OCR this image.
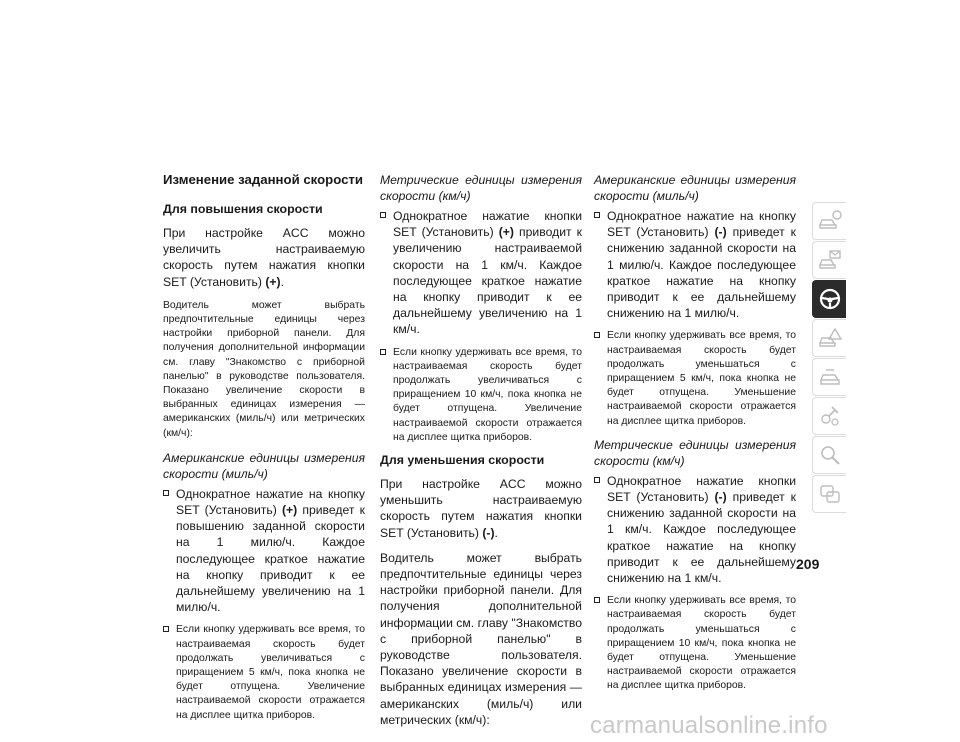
Изменение заданной скорости
Для повышения скорости
При настройке ACC можно увеличить настраиваемую скорость путем нажатия кнопки SET (Установить) (+).
Водитель может выбрать предпочтительные единицы через настройки приборной панели. Для получения дополнительной информации см. главу "Знакомство с приборной панелью" в руководстве пользователя. Показано увеличение скорости в выбранных единицах измерения — американских (миль/ч) или метрических (км/ч):
Американские единицы измерения скорости (миль/ч)
Однократное нажатие на кнопку SET (Установить) (+) приведет к повышению заданной скорости на 1 милю/ч. Каждое последующее краткое нажатие на кнопку приводит к ее дальнейшему увеличению на 1 милю/ч.
Если кнопку удерживать все время, то настраиваемая скорость будет продолжать увеличиваться с приращением 5 км/ч, пока кнопка не будет отпущена. Увеличение настраиваемой скорости отражается на дисплее щитка приборов.
Метрические единицы измерения скорости (км/ч)
Однократное нажатие кнопки SET (Установить) (+) приводит к увеличению настраиваемой скорости на 1 км/ч. Каждое последующее краткое нажатие на кнопку приводит к ее дальнейшему увеличению на 1 км/ч.
Если кнопку удерживать все время, то настраиваемая скорость будет продолжать увеличиваться с приращением 10 км/ч, пока кнопка не будет отпущена. Увеличение настраиваемой скорости отражается на дисплее щитка приборов.
Для уменьшения скорости
При настройке ACC можно уменьшить настраиваемую скорость путем нажатия кнопки SET (Установить) (-).
Водитель может выбрать предпочтительные единицы через настройки приборной панели. Для получения дополнительной информации см. главу "Знакомство с приборной панелью" в руководстве пользователя. Показано увеличение скорости в выбранных единицах измерения — американских (миль/ч) или метрических (км/ч):
Американские единицы измерения скорости (миль/ч)
Однократное нажатие на кнопку SET (Установить) (-) приведет к снижению заданной скорости на 1 милю/ч. Каждое последующее краткое нажатие на кнопку приводит к ее дальнейшему снижению на 1 милю/ч.
Если кнопку удерживать все время, то настраиваемая скорость будет продолжать уменьшаться с приращением 5 км/ч, пока кнопка не будет отпущена. Уменьшение настраиваемой скорости отражается на дисплее щитка приборов.
Метрические единицы измерения скорости (км/ч)
Однократное нажатие кнопки SET (Установить) (-) приведет к снижению заданной скорости на 1 км/ч. Каждое последующее краткое нажатие на кнопку приводит к ее дальнейшему снижению на 1 км/ч.
Если кнопку удерживать все время, то настраиваемая скорость будет продолжать уменьшаться с приращением 10 км/ч, пока кнопка не будет отпущена. Уменьшение настраиваемой скорости отражается на дисплее щитка приборов.
209
carmanualsonline.info
